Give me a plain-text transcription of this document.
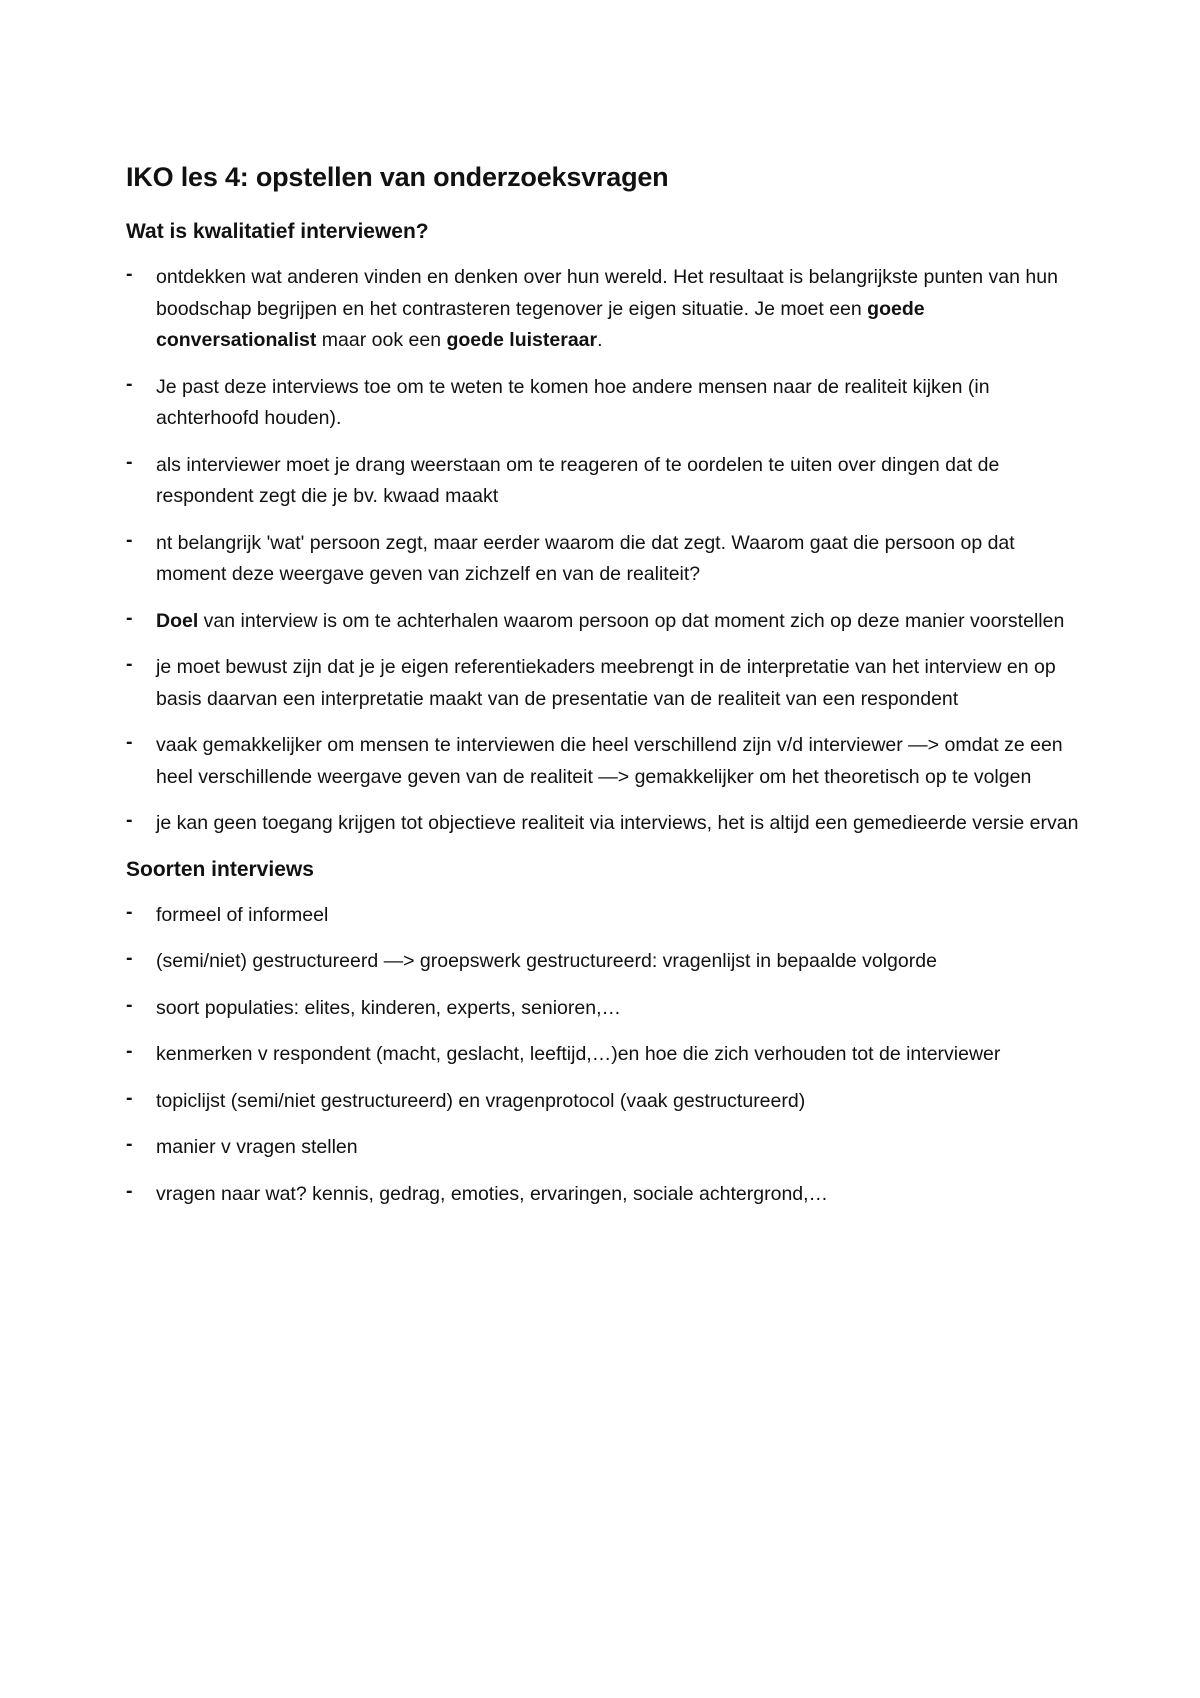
IKO les 4: opstellen van onderzoeksvragen
Wat is kwalitatief interviewen?
- ontdekken wat anderen vinden en denken over hun wereld. Het resultaat is belangrijkste punten van hun boodschap begrijpen en het contrasteren tegenover je eigen situatie. Je moet een goede conversationalist maar ook een goede luisteraar.
- Je past deze interviews toe om te weten te komen hoe andere mensen naar de realiteit kijken (in achterhoofd houden).
- als interviewer moet je drang weerstaan om te reageren of te oordelen te uiten over dingen dat de respondent zegt die je bv. kwaad maakt
- nt belangrijk 'wat' persoon zegt, maar eerder waarom die dat zegt. Waarom gaat die persoon op dat moment deze weergave geven van zichzelf en van de realiteit?
- Doel van interview is om te achterhalen waarom persoon op dat moment zich op deze manier voorstellen
- je moet bewust zijn dat je je eigen referentiekaders meebrengt in de interpretatie van het interview en op basis daarvan een interpretatie maakt van de presentatie van de realiteit van een respondent
- vaak gemakkelijker om mensen te interviewen die heel verschillend zijn v/d interviewer —> omdat ze een heel verschillende weergave geven van de realiteit —> gemakkelijker om het theoretisch op te volgen
- je kan geen toegang krijgen tot objectieve realiteit via interviews, het is altijd een gemedieerde versie ervan
Soorten interviews
- formeel of informeel
- (semi/niet) gestructureerd —> groepswerk gestructureerd: vragenlijst in bepaalde volgorde
- soort populaties: elites, kinderen, experts, senioren,…
- kenmerken v respondent (macht, geslacht, leeftijd,…)en hoe die zich verhouden tot de interviewer
- topiclijst (semi/niet gestructureerd) en vragenprotocol (vaak gestructureerd)
- manier v vragen stellen
- vragen naar wat? kennis, gedrag, emoties, ervaringen, sociale achtergrond,…
